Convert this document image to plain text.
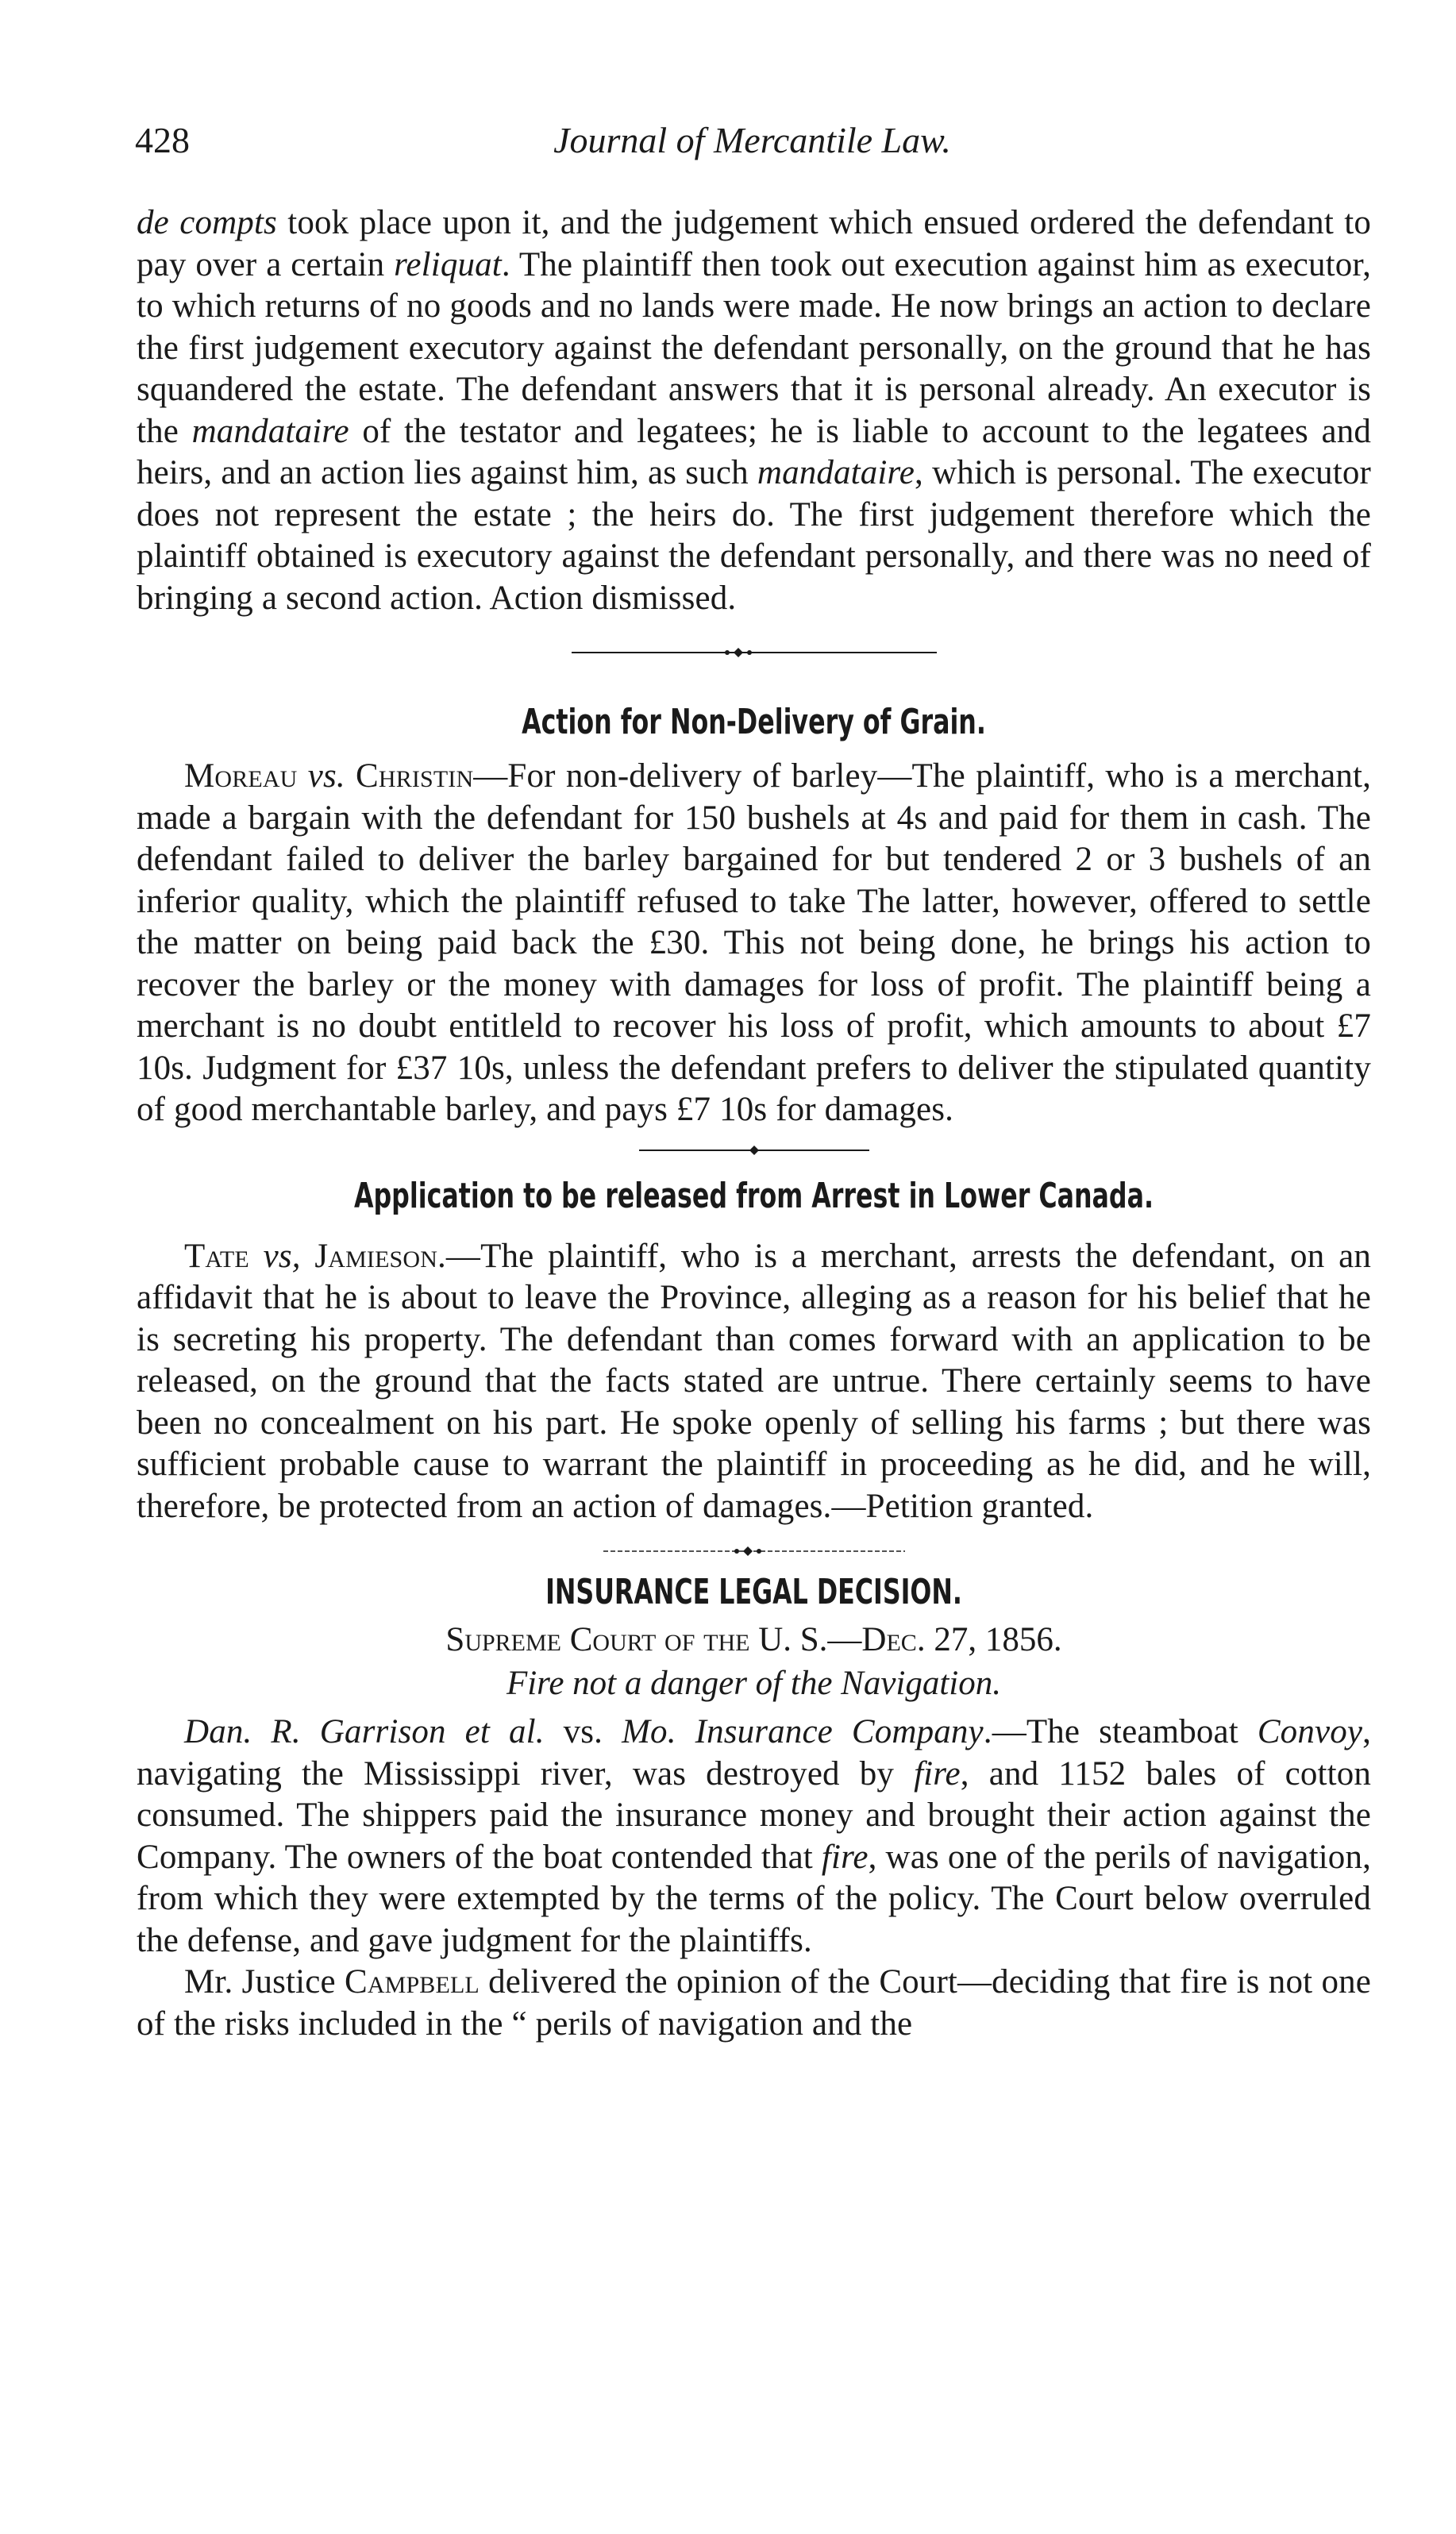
428	Journal of Mercantile Law.

de compts took place upon it, and the judgement which ensued ordered the defendant to pay over a certain reliquat. The plaintiff then took out execution against him as executor, to which returns of no goods and no lands were made. He now brings an action to declare the first judgement executory against the defendant personally, on the ground that he has squandered the estate. The defendant answers that it is personal already. An executor is the mandataire of the testator and legatees; he is liable to account to the legatees and heirs, and an action lies against him, as such mandataire, which is personal. The executor does not represent the estate ; the heirs do. The first judgement therefore which the plaintiff obtained is executory against the defendant personally, and there was no need of bringing a second action. Action dismissed.

Action for Non-Delivery of Grain.

Moreau vs. Christin—For non-delivery of barley—The plaintiff, who is a merchant, made a bargain with the defendant for 150 bushels at 4s and paid for them in cash. The defendant failed to deliver the barley bargained for but tendered 2 or 3 bushels of an inferior quality, which the plaintiff refused to take The latter, however, offered to settle the matter on being paid back the £30. This not being done, he brings his action to recover the barley or the money with damages for loss of profit. The plaintiff being a merchant is no doubt entitleld to recover his loss of profit, which amounts to about £7 10s. Judgment for £37 10s, unless the defendant prefers to deliver the stipulated quantity of good merchantable barley, and pays £7 10s for damages.

Application to be released from Arrest in Lower Canada.

Tate vs, Jamieson.—The plaintiff, who is a merchant, arrests the defendant, on an affidavit that he is about to leave the Province, alleging as a reason for his belief that he is secreting his property. The defendant than comes forward with an application to be released, on the ground that the facts stated are untrue. There certainly seems to have been no concealment on his part. He spoke openly of selling his farms ; but there was sufficient probable cause to warrant the plaintiff in proceeding as he did, and he will, therefore, be protected from an action of damages.—Petition granted.

INSURANCE LEGAL DECISION.
Supreme Court of the U. S.—Dec. 27, 1856.
Fire not a danger of the Navigation.

Dan. R. Garrison et al. vs. Mo. Insurance Company.—The steamboat Convoy, navigating the Mississippi river, was destroyed by fire, and 1152 bales of cotton consumed. The shippers paid the insurance money and brought their action against the Company. The owners of the boat contended that fire, was one of the perils of navigation, from which they were extempted by the terms of the policy. The Court below overruled the defense, and gave judgment for the plaintiffs.

Mr. Justice Campbell delivered the opinion of the Court—deciding that fire is not one of the risks included in the “ perils of navigation and the
